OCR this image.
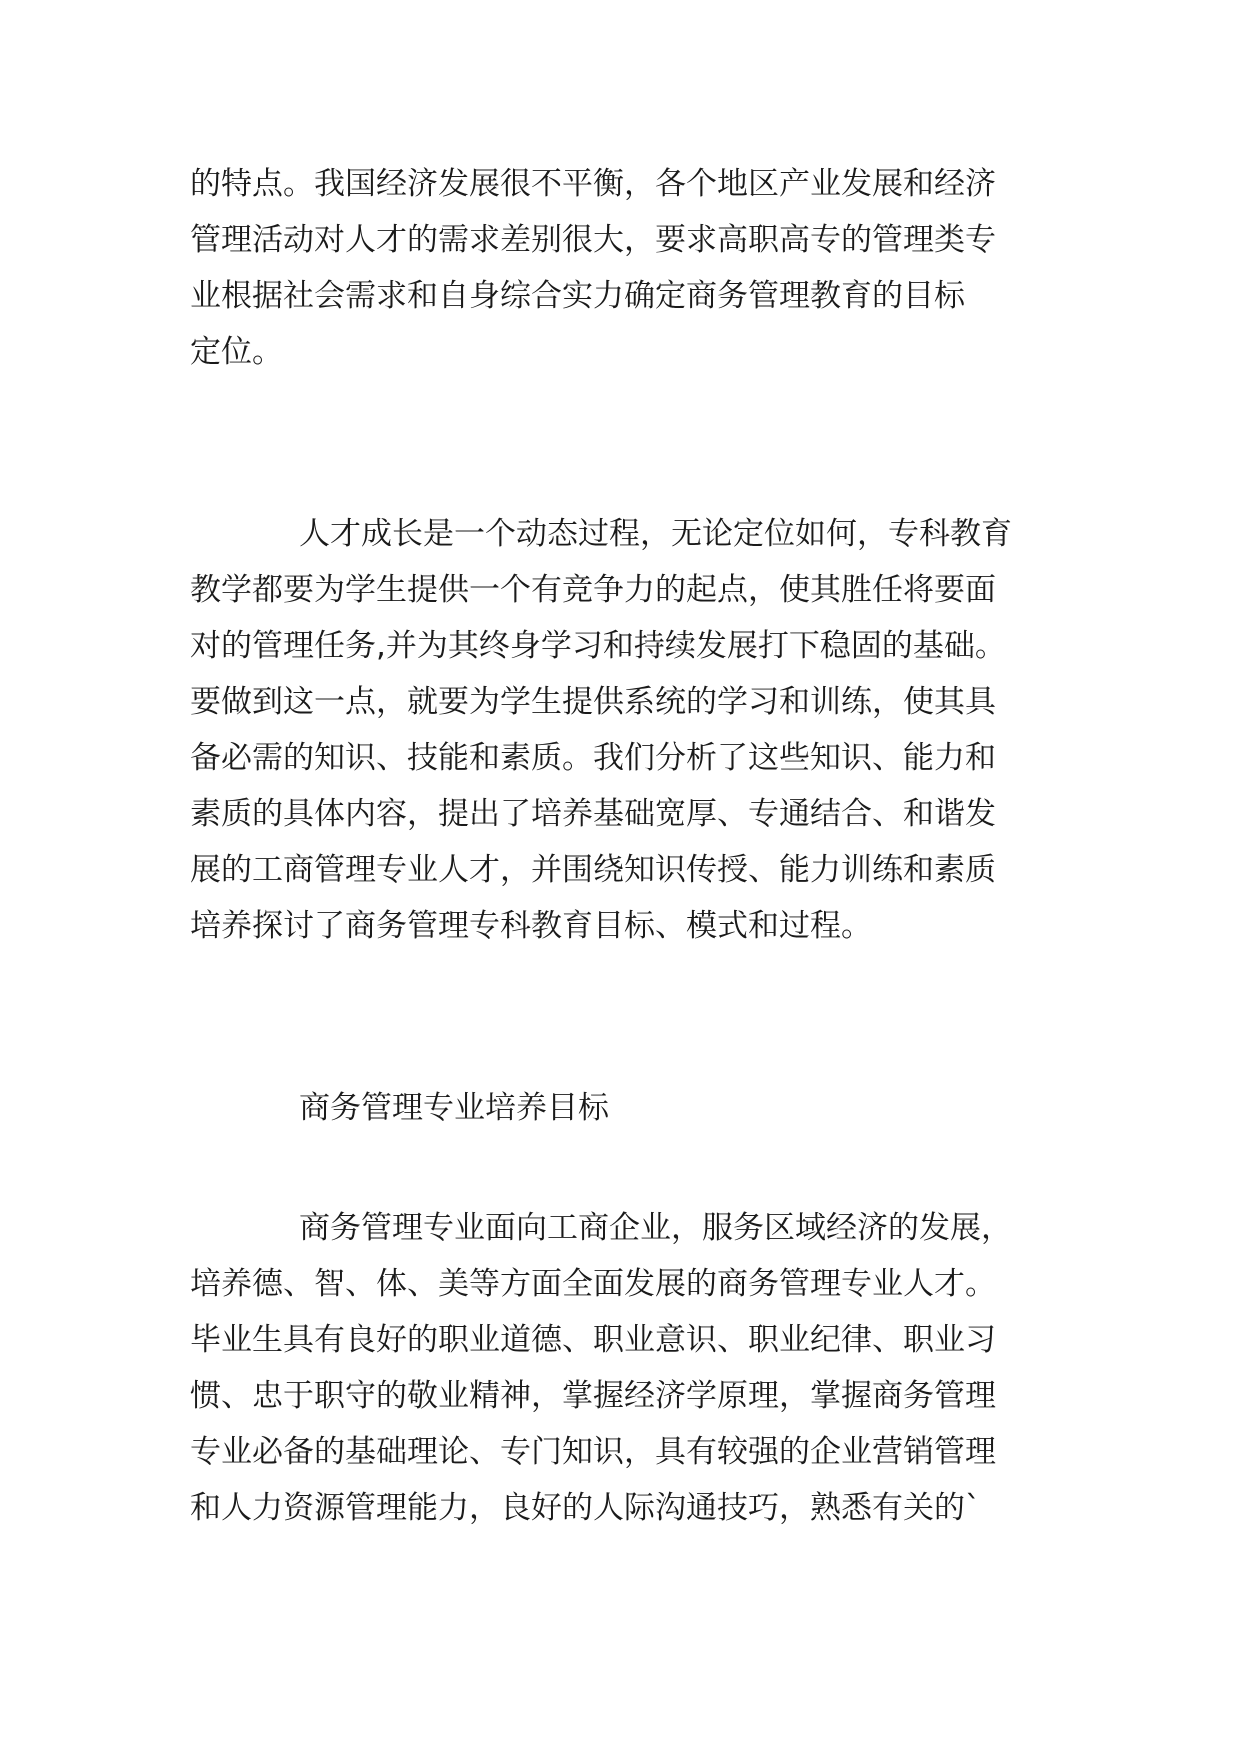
的特点。我国经济发展很不平衡，各个地区产业发展和经济
管理活动对人才的需求差别很大，要求高职高专的管理类专
业根据社会需求和自身综合实力确定商务管理教育的目标
定位。
人才成长是一个动态过程，无论定位如何，专科教育
教学都要为学生提供一个有竞争力的起点，使其胜任将要面
对的管理任务,并为其终身学习和持续发展打下稳固的基础。
要做到这一点，就要为学生提供系统的学习和训练，使其具
备必需的知识、技能和素质。我们分析了这些知识、能力和
素质的具体内容，提出了培养基础宽厚、专通结合、和谐发
展的工商管理专业人才，并围绕知识传授、能力训练和素质
培养探讨了商务管理专科教育目标、模式和过程。
商务管理专业培养目标
商务管理专业面向工商企业，服务区域经济的发展，
培养德、智、体、美等方面全面发展的商务管理专业人才。
毕业生具有良好的职业道德、职业意识、职业纪律、职业习
惯、忠于职守的敬业精神，掌握经济学原理，掌握商务管理
专业必备的基础理论、专门知识，具有较强的企业营销管理
和人力资源管理能力，良好的人际沟通技巧，熟悉有关的`
